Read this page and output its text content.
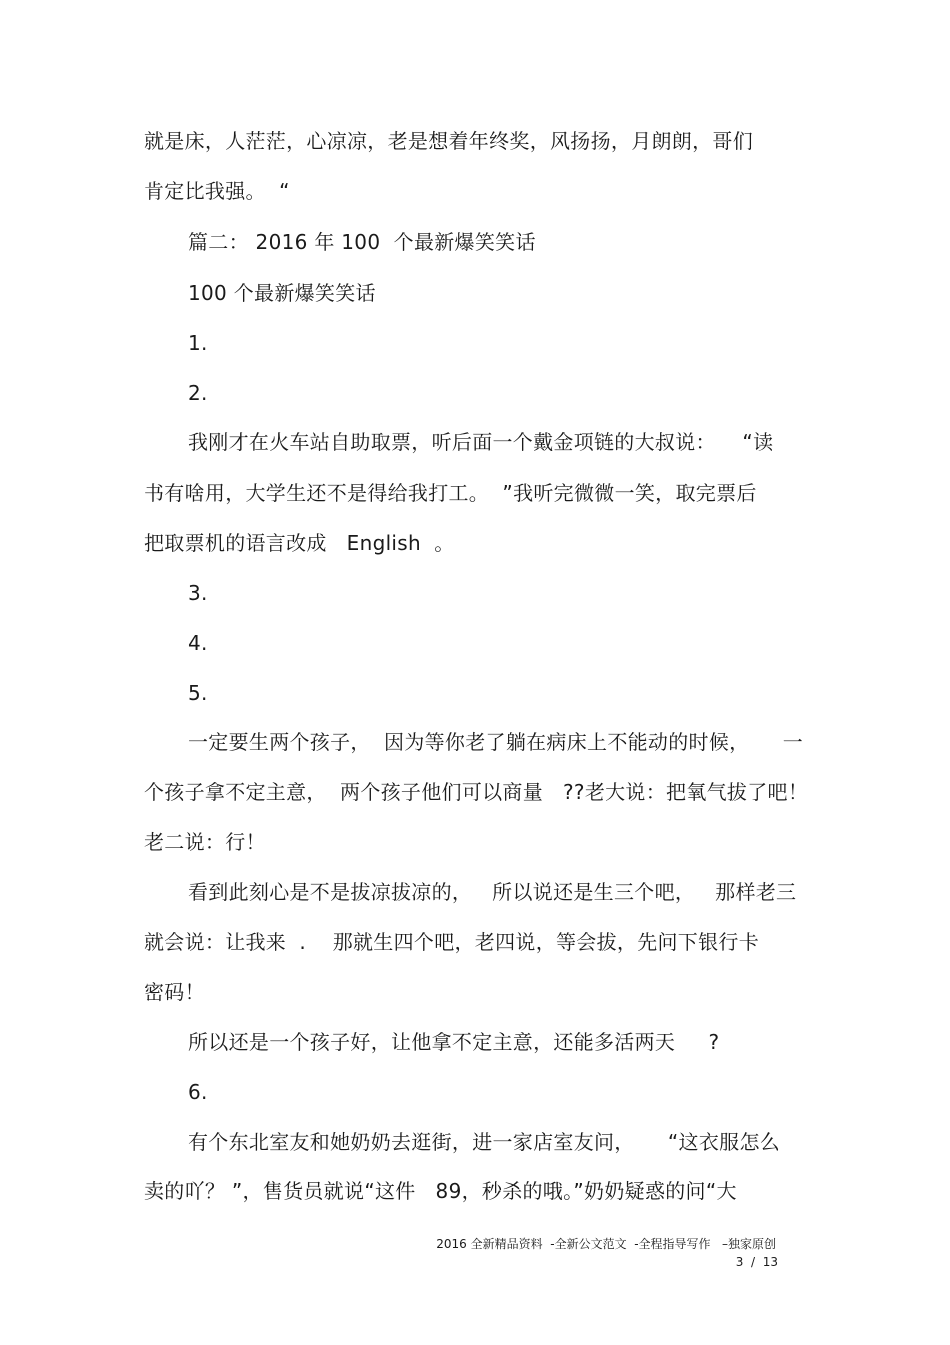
就是床，人茫茫，心凉凉，老是想着年终奖，风扬扬，月朗朗，哥们
肯定比我强。  “
篇二： 2016 年 100  个最新爆笑笑话
100 个最新爆笑笑话
1.
2.
我刚才在火车站自助取票，听后面一个戴金项链的大叔说：    “读
书有啥用，大学生还不是得给我打工。  ”我听完微微一笑，取完票后
把取票机的语言改成   English  。
3.
4.
5.
一定要生两个孩子，  因为等你老了躺在病床上不能动的时候，     一
个孩子拿不定主意，  两个孩子他们可以商量   ??老大说：把氧气拔了吧！
老二说：行！
看到此刻心是不是拔凉拔凉的，   所以说还是生三个吧，   那样老三
就会说：让我来  .    那就生四个吧，老四说，等会拔，先问下银行卡
密码！
所以还是一个孩子好，让他拿不定主意，还能多活两天     ?
6.
有个东北室友和她奶奶去逛街，进一家店室友问，     “这衣服怎么
卖的吖？ ”，售货员就说“这件   89，秒杀的哦。”奶奶疑惑的问“大
2016 全新精品资料  -全新公文范文  -全程指导写作   –独家原创
3  /  13
